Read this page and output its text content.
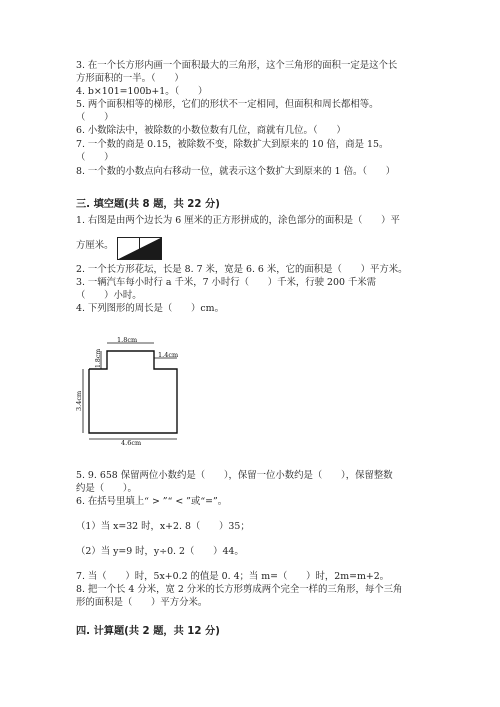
3. 在一个长方形内画一个面积最大的三角形，这个三角形的面积一定是这个长
方形面积的一半。（　　）
4. b×101=100b+1。（　　）
5. 两个面积相等的梯形，它们的形状不一定相同，但面积和周长都相等。
（　　）
6. 小数除法中，被除数的小数位数有几位，商就有几位。（　　）
7. 一个数的商是 0.15，被除数不变，除数扩大到原来的 10 倍，商是 15。
（　　）
8. 一个数的小数点向右移动一位，就表示这个数扩大到原来的 1 倍。（　　）
三. 填空题(共 8 题，共 22 分)
1. 右图是由两个边长为 6 厘米的正方形拼成的，涂色部分的面积是（　　）平
方厘米。
2. 一个长方形花坛，长是 8. 7 米，宽是 6. 6 米，它的面积是（　　）平方米。
3. 一辆汽车每小时行 a 千米，7 小时行（　　）千米，行驶 200 千米需
（　　）小时。
4. 下列图形的周长是（　　）cm。
1.8cm
1.8cm
1.4cm
3.4cm
4.6cm
5. 9. 658 保留两位小数约是（　　），保留一位小数约是（　　），保留整数
约是（　　）。
6. 在括号里填上“ > ”“ < ”或“=”。
（1）当 x=32 时，x+2. 8（　　）35；
（2）当 y=9 时，y÷0. 2（　　）44。
7. 当（　　）时，5x+0.2 的值是 0. 4；当 m=（　　）时，2m=m+2。
8. 把一个长 4 分米，宽 2 分米的长方形剪成两个完全一样的三角形，每个三角
形的面积是（　　）平方分米。
四. 计算题(共 2 题，共 12 分)
